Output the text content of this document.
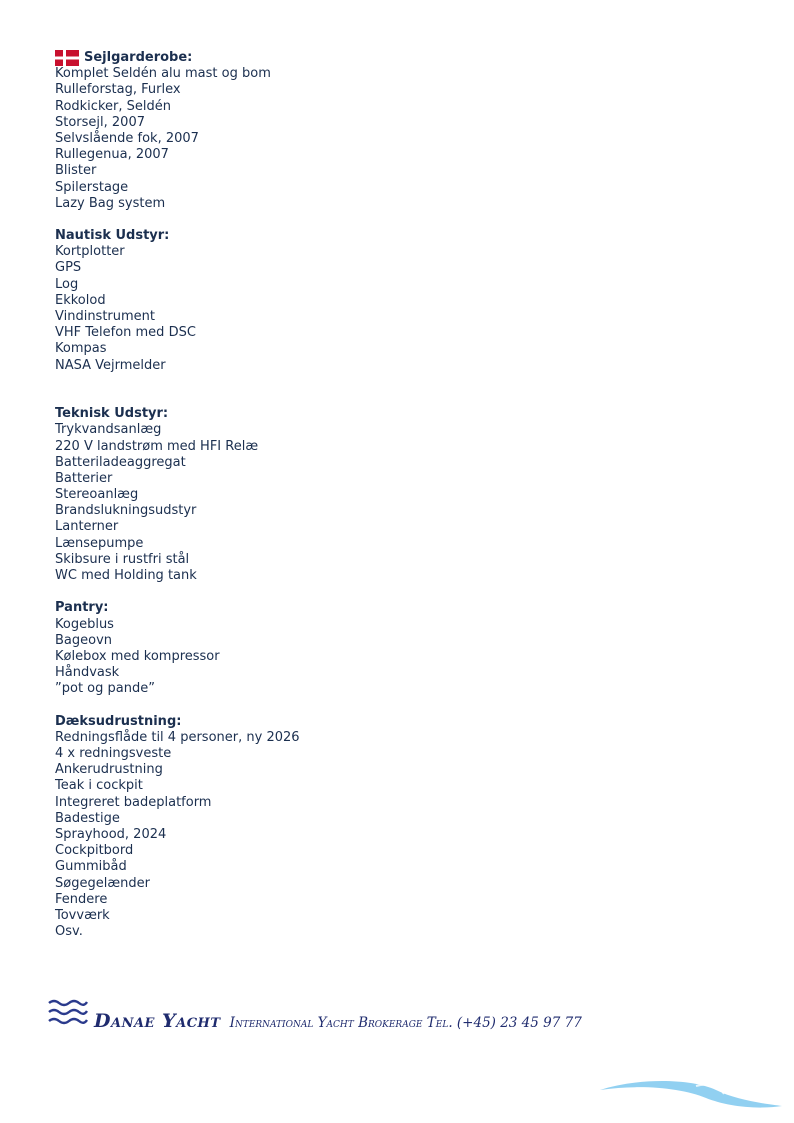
Sejlgarderobe:
Komplet Seldén alu mast og bom
Rulleforstag, Furlex
Rodkicker, Seldén
Storsejl, 2007
Selvslående fok, 2007
Rullegenua, 2007
Blister
Spilerstage
Lazy Bag system
Nautisk Udstyr:
Kortplotter
GPS
Log
Ekkolod
Vindinstrument
VHF Telefon med DSC
Kompas
NASA Vejrmelder
Teknisk Udstyr:
Trykvandsanlæg
220 V landstrøm med HFI Relæ
Batteriladeaggregat
Batterier
Stereoanlæg
Brandslukningsudstyr
Lanterner
Lænsepumpe
Skibsure i rustfri stål
WC med Holding tank
Pantry:
Kogeblus
Bageovn
Kølebox med kompressor
Håndvask
”pot og pande”
Dæksudrustning:
Redningsflåde til 4 personer, ny 2026
4 x redningsveste
Ankerudrustning
Teak i cockpit
Integreret badeplatform
Badestige
Sprayhood, 2024
Cockpitbord
Gummibåd
Søgegelænder
Fendere
Tovværk
Osv.
Danae Yacht International Yacht Brokerage Tel. (+45) 23 45 97 77
